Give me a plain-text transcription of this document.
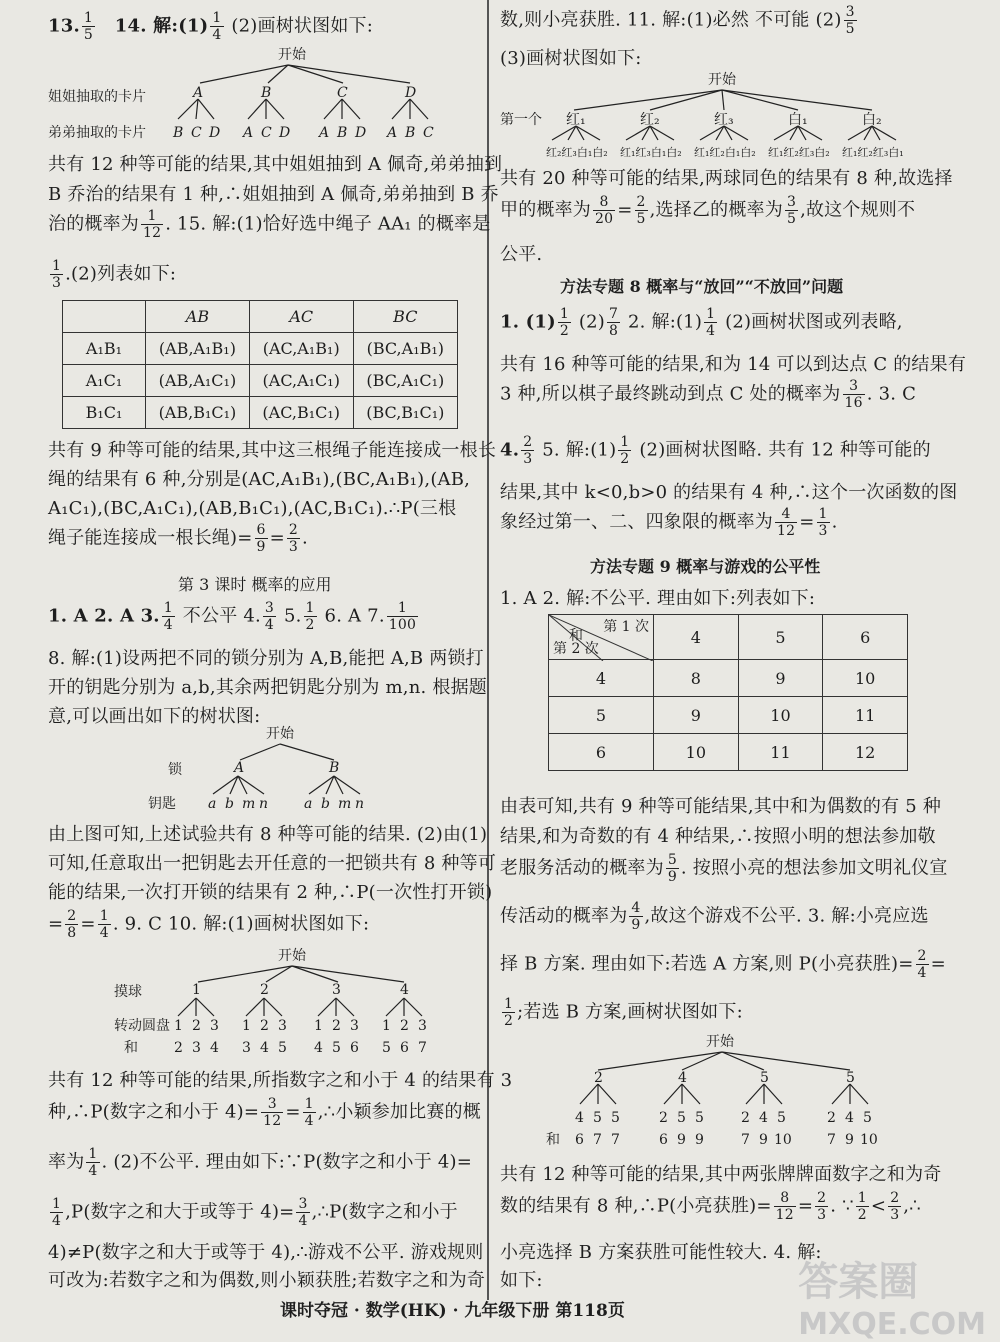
13. $\frac{1}{5} 14$. 解:(1) $\frac{1}{4} (2)$画树状图如下:
开始
姐姐抽取的卡片
弟弟抽取的卡片
A	B	C	D
B C D A C D A B D A B C
共有 12 种等可能的结果,其中姐姐抽到 A 佩奇,弟弟抽到
B 乔治的结果有 1 种,∴姐姐抽到 A 佩奇,弟弟抽到 B 乔
治的概率为 $\frac{1}{12}$ . 15. 解:(1)恰好选中绳子 AA₁ 的概率是
$\frac{1}{3} .(2)$列表如下:
	AB	AC	BC
A₁B₁	(AB,A₁B₁)	(AC,A₁B₁)	(BC,A₁B₁)
A₁C₁	(AB,A₁C₁)	(AC,A₁C₁)	(BC,A₁C₁)
B₁C₁	(AB,B₁C₁)	(AC,B₁C₁)	(BC,B₁C₁)
共有 9 种等可能的结果,其中这三根绳子能连接成一根长
绳的结果有 6 种,分别是(AC,A₁B₁),(BC,A₁B₁),(AB,
A₁C₁),(BC,A₁C₁),(AB,B₁C₁),(AC,B₁C₁).∴P(三根
绳子能连接成一根长绳)= $\frac{6}{9} = \frac{2}{3}$ .
第 3 课时 概率的应用
1. A 2. A 3. $\frac{1}{4}$ 不公平 4. $\frac{3}{4} 5$. $\frac{1}{2} 6$. A 7. $\frac{1}{100}$
8. 解:(1)设两把不同的锁分别为 A,B,能把 A,B 两锁打
开的钥匙分别为 a,b,其余两把钥匙分别为 m,n. 根据题
意,可以画出如下的树状图:
开始
锁
钥匙
A	B
a b m n	a b m n
由上图可知,上述试验共有 8 种等可能的结果. (2)由(1)
可知,任意取出一把钥匙去开任意的一把锁共有 8 种等可
能的结果,一次打开锁的结果有 2 种,∴P(一次性打开锁)
= $\frac{2}{8} = \frac{1}{4}$ . 9. C 10. 解:(1)画树状图如下:
开始
摸球
转动圆盘
和
1	2	3	4
1 2 3 1 2 3 1 2 3 1 2 3
2 3 4 3 4 5 4 5 6 5 6 7
共有 12 种等可能的结果,所指数字之和小于 4 的结果有 3
种,∴P(数字之和小于 $4)= \frac{3}{12} = \frac{1}{4}$ ,∴小颖参加比赛的概
率为 $\frac{1}{4}$ . (2)不公平. 理由如下:∵P(数字之和小于 4)=
$\frac{1}{4} ,P$(数字之和大于或等于 $4)= \frac{3}{4}$ ,∴P(数字之和小于
4)≠P(数字之和大于或等于 4),∴游戏不公平. 游戏规则
可改为:若数字之和为偶数,则小颖获胜;若数字之和为奇
数,则小亮获胜. 11. 解:(1)必然 不可能 $(2) \frac{3}{5}$
(3)画树状图如下:
开始
第一个 红₁	红₂	红₃	白₁	白₂
红₂红₃白₁白₂ 红₁红₃白₁白₂ 红₁红₂白₁白₂ 红₁红₂红₃白₂ 红₁红₂红₃白₁
共有 20 种等可能的结果,两球同色的结果有 8 种,故选择
甲的概率为 $\frac{8}{20} = \frac{2}{5}$ ,选择乙的概率为 $\frac{3}{5}$ ,故这个规则不
公平.
方法专题 8 概率与“放回”“不放回”问题
1. $(1) \frac{1}{2} (2) \frac{7}{8} 2$. 解:(1) $\frac{1}{4} (2)$画树状图或列表略,
共有 16 种等可能的结果,和为 14 可以到达点 C 的结果有
3 种,所以棋子最终跳动到点 C 处的概率为 $\frac{3}{16}$ . 3. C
4. $\frac{2}{3} 5$. 解:(1) $\frac{1}{2} (2)$画树状图略. 共有 12 种等可能的
结果,其中 k<0,b>0 的结果有 4 种,∴这个一次函数的图
象经过第一、二、四象限的概率为 $\frac{4}{12} = \frac{1}{3}$ .
方法专题 9 概率与游戏的公平性
1. A 2. 解:不公平. 理由如下:列表如下:
第 1 次
和
第 2 次	4	5	6
4	8	9	10
5	9	10	11
6	10	11	12
由表可知,共有 9 种等可能结果,其中和为偶数的有 5 种
结果,和为奇数的有 4 种结果,∴按照小明的想法参加敬
老服务活动的概率为 $\frac{5}{9}$ . 按照小亮的想法参加文明礼仪宣
传活动的概率为 $\frac{4}{9}$ ,故这个游戏不公平. 3. 解:小亮应选
择 B 方案. 理由如下:若选 A 方案,则 P(小亮获胜)= $\frac{2}{4}$ =
$\frac{1}{2}$ ;若选 B 方案,画树状图如下:
开始
2	4	5	5
和
4 5 5	2 5 5	2 4 5	2 4 5
6 7 7	6 9 9	7 9 10	7 9 10
共有 12 种等可能的结果,其中两张牌牌面数字之和为奇
数的结果有 8 种,∴P(小亮获胜)= $\frac{8}{12} = \frac{2}{3}$ . ∵ $\frac{1}{2} < \frac{2}{3}$ ,∴
小亮选择 B 方案获胜可能性较大. 4. 解:
如下:
课时夺冠 · 数学(HK) · 九年级下册 第118页
答案圈
MXQE.COM
